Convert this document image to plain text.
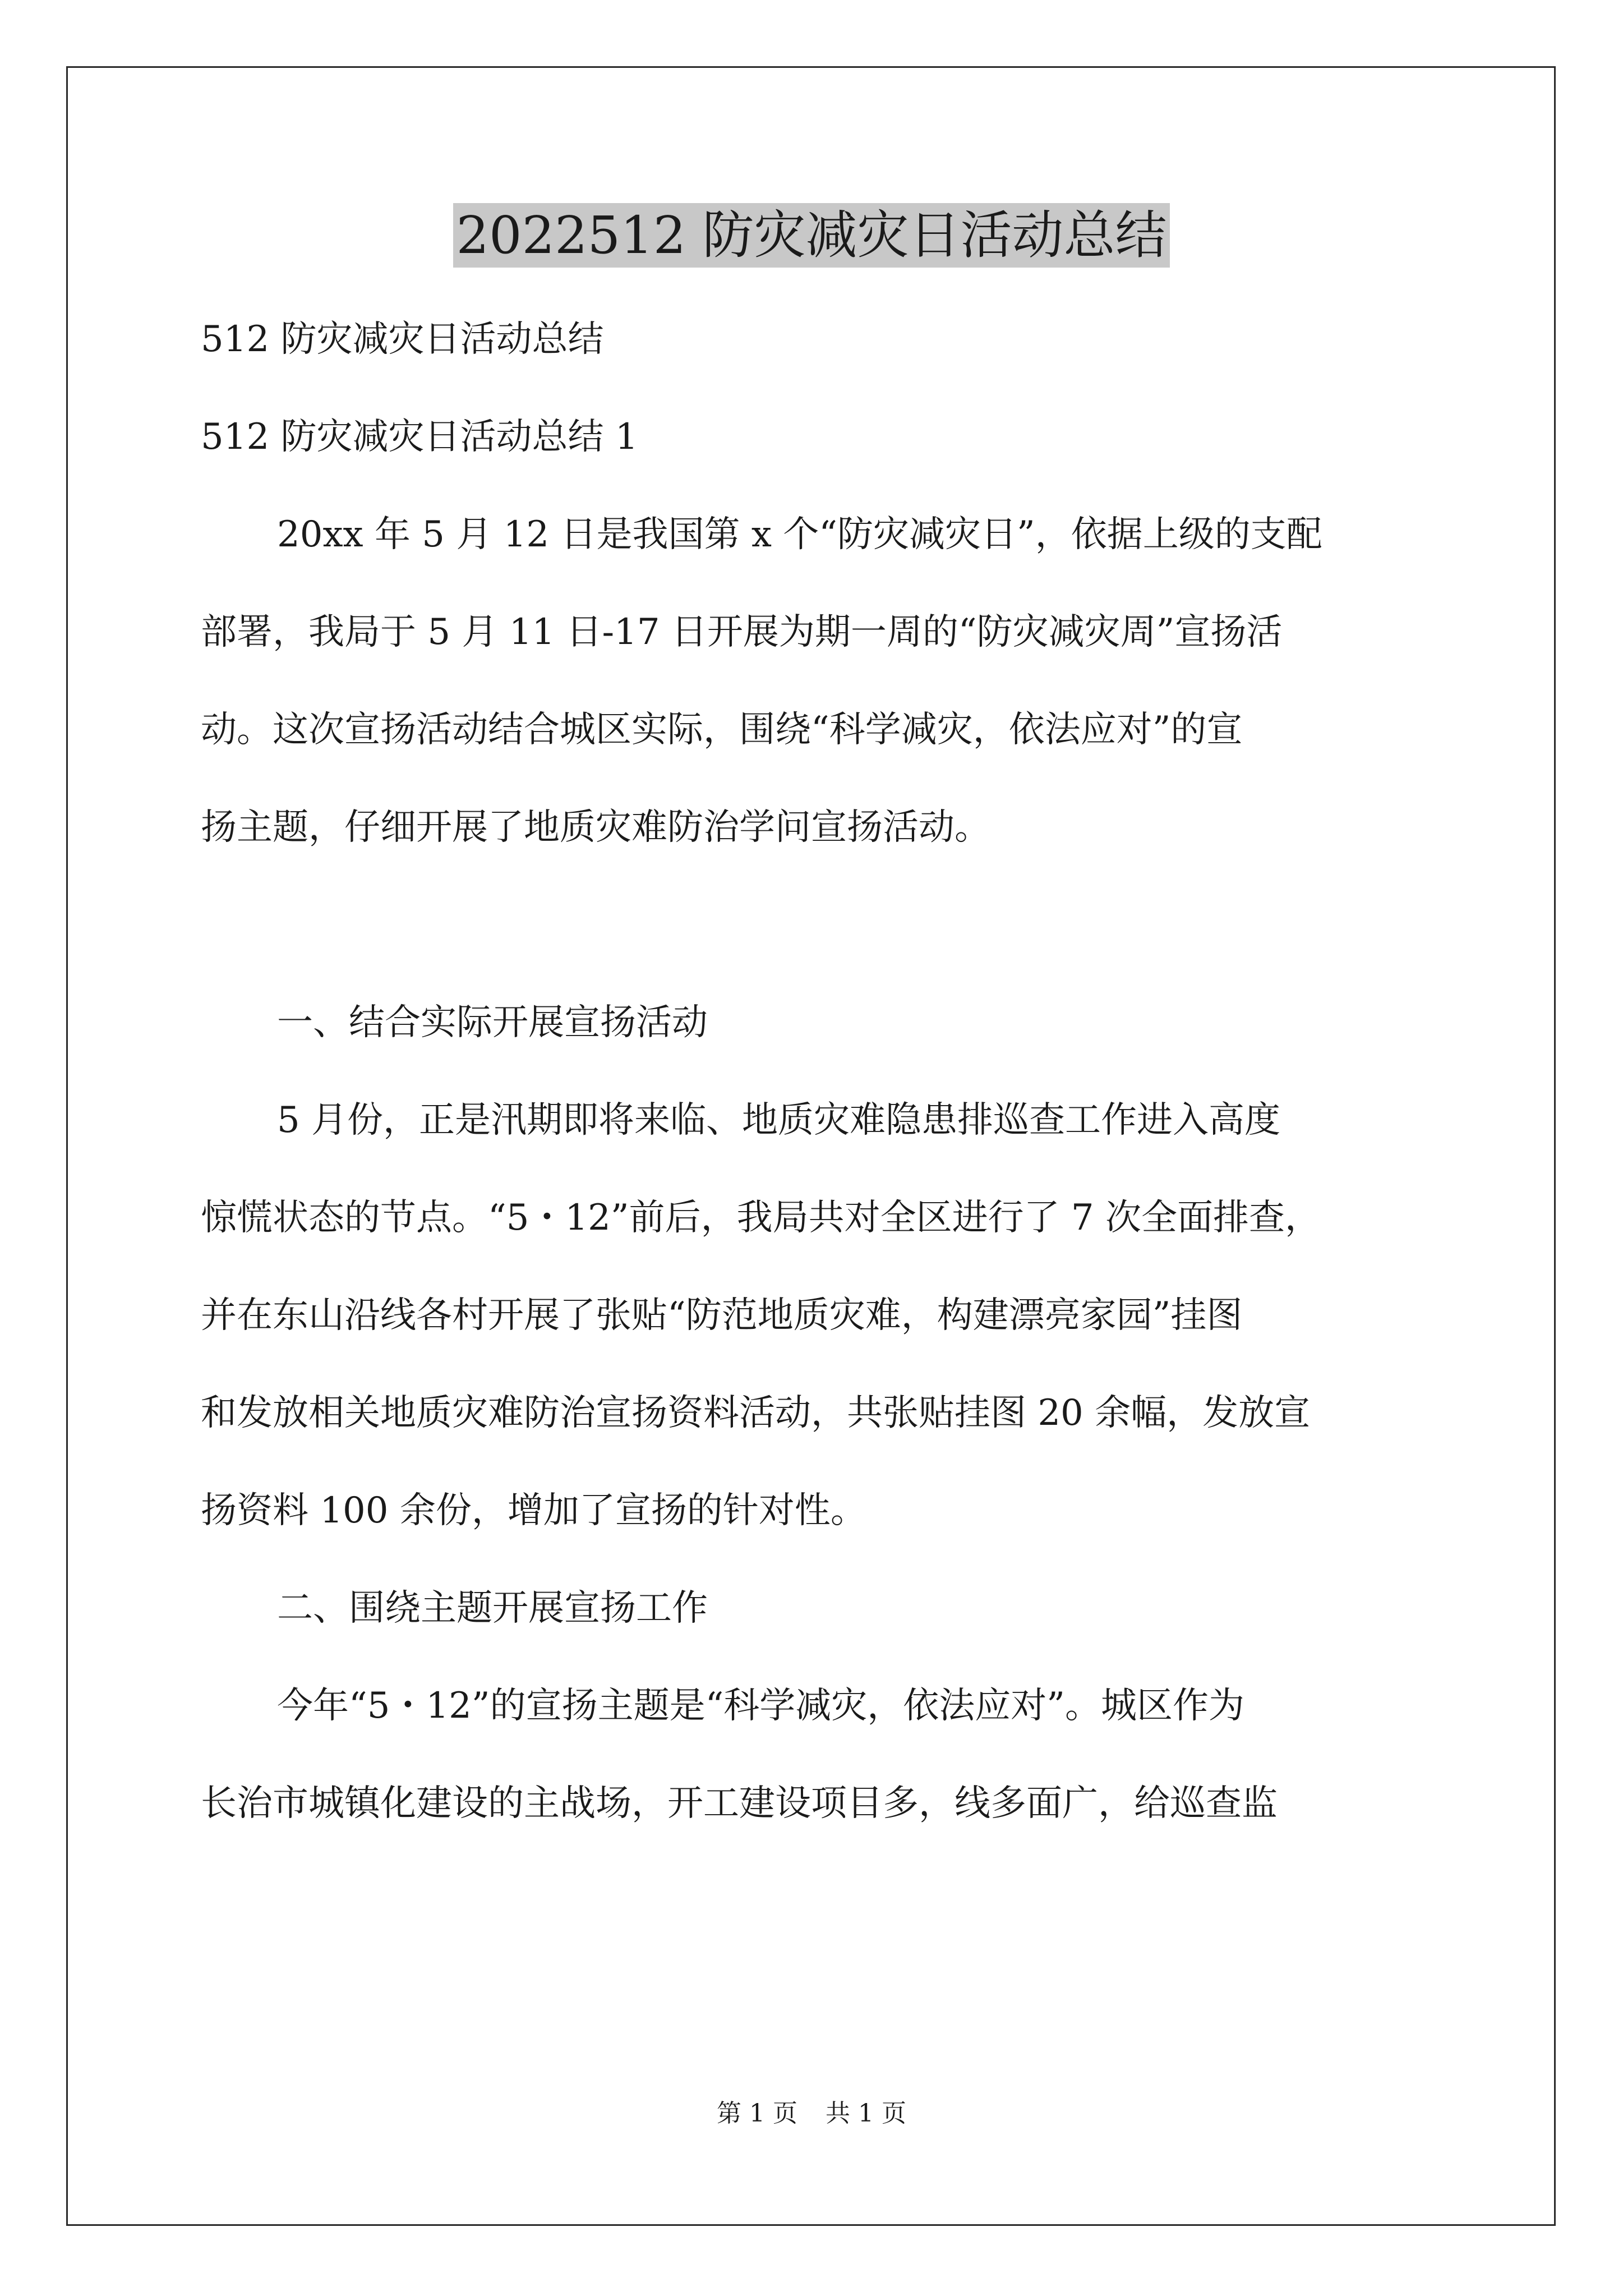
2022512 防灾减灾日活动总结

512 防灾减灾日活动总结

512 防灾减灾日活动总结 1

20xx 年 5 月 12 日是我国第 x 个“防灾减灾日”，依据上级的支配

部署，我局于 5 月 11 日-17 日开展为期一周的“防灾减灾周”宣扬活

动。这次宣扬活动结合城区实际，围绕“科学减灾，依法应对”的宣

扬主题，仔细开展了地质灾难防治学问宣扬活动。

一、结合实际开展宣扬活动

5 月份，正是汛期即将来临、地质灾难隐患排巡查工作进入高度

惊慌状态的节点。“5・12”前后，我局共对全区进行了 7 次全面排查，

并在东山沿线各村开展了张贴“防范地质灾难，构建漂亮家园”挂图

和发放相关地质灾难防治宣扬资料活动，共张贴挂图 20 余幅，发放宣

扬资料 100 余份，增加了宣扬的针对性。

二、围绕主题开展宣扬工作

今年“5・12”的宣扬主题是“科学减灾，依法应对”。城区作为

长治市城镇化建设的主战场，开工建设项目多，线多面广，给巡查监

第 1 页 共 1 页
